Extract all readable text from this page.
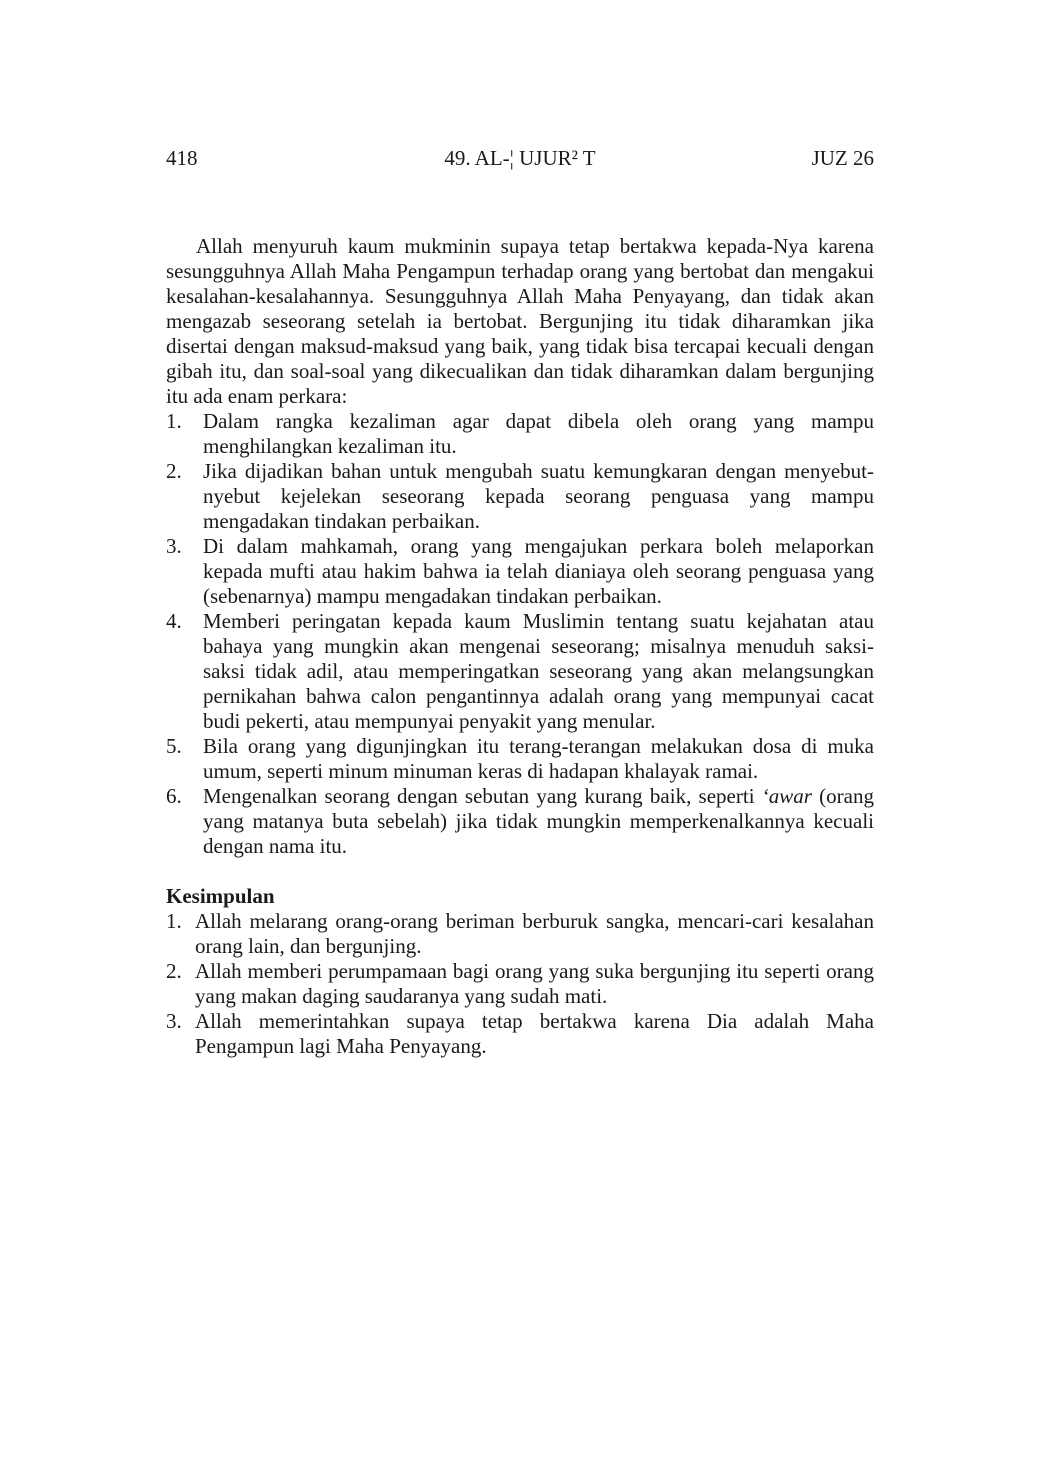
418	49. AL-¦ UJUR² T	JUZ 26

Allah menyuruh kaum mukminin supaya tetap bertakwa kepada-Nya karena sesungguhnya Allah Maha Pengampun terhadap orang yang bertobat dan mengakui kesalahan-kesalahannya. Sesungguhnya Allah Maha Penyayang, dan tidak akan mengazab seseorang setelah ia bertobat. Bergunjing itu tidak diharamkan jika disertai dengan maksud-maksud yang baik, yang tidak bisa tercapai kecuali dengan gibah itu, dan soal-soal yang dikecualikan dan tidak diharamkan dalam bergunjing itu ada enam perkara:

1. Dalam rangka kezaliman agar dapat dibela oleh orang yang mampu menghilangkan kezaliman itu.
2. Jika dijadikan bahan untuk mengubah suatu kemungkaran dengan menyebut-nyebut kejelekan seseorang kepada seorang penguasa yang mampu mengadakan tindakan perbaikan.
3. Di dalam mahkamah, orang yang mengajukan perkara boleh melaporkan kepada mufti atau hakim bahwa ia telah dianiaya oleh seorang penguasa yang (sebenarnya) mampu mengadakan tindakan perbaikan.
4. Memberi peringatan kepada kaum Muslimin tentang suatu kejahatan atau bahaya yang mungkin akan mengenai seseorang; misalnya menuduh saksi-saksi tidak adil, atau memperingatkan seseorang yang akan melangsungkan pernikahan bahwa calon pengantinnya adalah orang yang mempunyai cacat budi pekerti, atau mempunyai penyakit yang menular.
5. Bila orang yang digunjingkan itu terang-terangan melakukan dosa di muka umum, seperti minum minuman keras di hadapan khalayak ramai.
6. Mengenalkan seorang dengan sebutan yang kurang baik, seperti ‘awar (orang yang matanya buta sebelah) jika tidak mungkin memperkenalkannya kecuali dengan nama itu.
Kesimpulan
1. Allah melarang orang-orang beriman berburuk sangka, mencari-cari kesalahan orang lain, dan bergunjing.
2. Allah memberi perumpamaan bagi orang yang suka bergunjing itu seperti orang yang makan daging saudaranya yang sudah mati.
3. Allah memerintahkan supaya tetap bertakwa karena Dia adalah Maha Pengampun lagi Maha Penyayang.
